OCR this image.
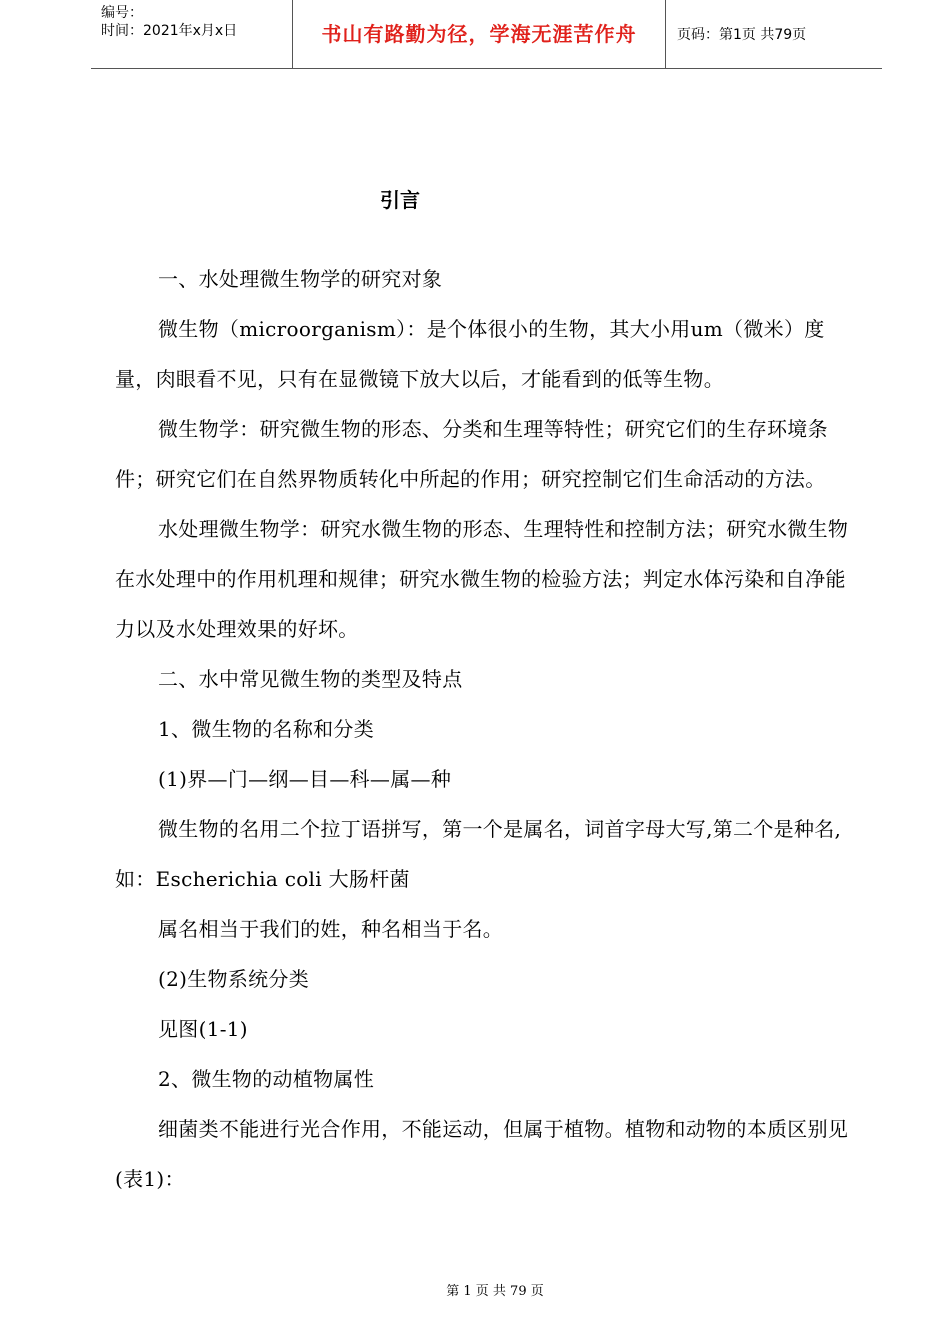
编号：
时间：2021年x月x日	书山有路勤为径，学海无涯苦作舟	页码：第1页 共79页
引言

一、水处理微生物学的研究对象

微生物（microorganism）：是个体很小的生物，其大小用um（微米）度量，肉眼看不见，只有在显微镜下放大以后，才能看到的低等生物。

微生物学：研究微生物的形态、分类和生理等特性；研究它们的生存环境条件；研究它们在自然界物质转化中所起的作用；研究控制它们生命活动的方法。

水处理微生物学：研究水微生物的形态、生理特性和控制方法；研究水微生物在水处理中的作用机理和规律；研究水微生物的检验方法；判定水体污染和自净能力以及水处理效果的好坏。

二、水中常见微生物的类型及特点

1、微生物的名称和分类

(1)界—门—纲—目—科—属—种

微生物的名用二个拉丁语拼写，第一个是属名，词首字母大写,第二个是种名,如：Escherichia coli 大肠杆菌

属名相当于我们的姓，种名相当于名。

(2)生物系统分类

见图(1-1)

2、微生物的动植物属性

细菌类不能进行光合作用，不能运动，但属于植物。植物和动物的本质区别见(表1)：

第 1 页 共 79 页
